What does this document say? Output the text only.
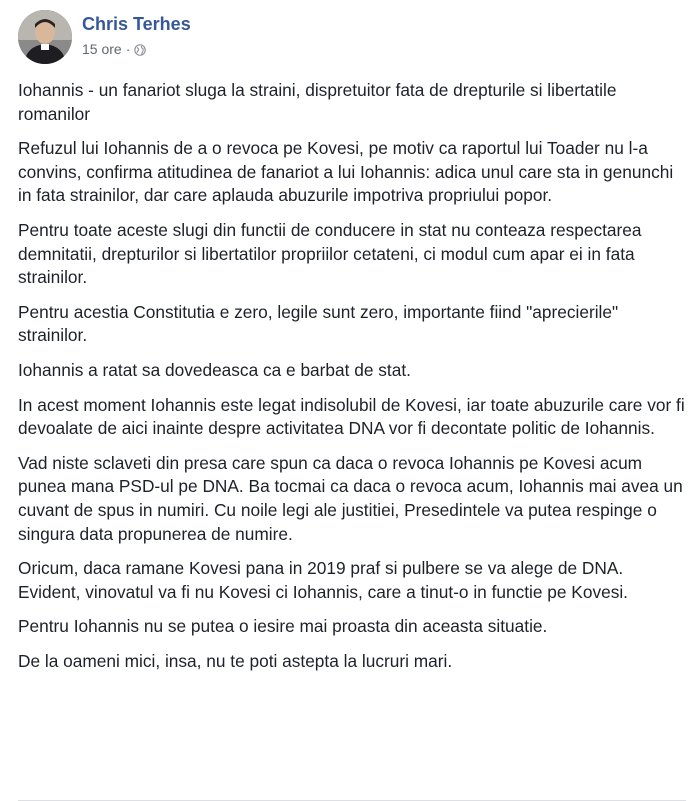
Chris Terhes
15 ore ·

Iohannis - un fanariot sluga la straini, dispretuitor fata de drepturile si libertatile romanilor

Refuzul lui Iohannis de a o revoca pe Kovesi, pe motiv ca raportul lui Toader nu l-a convins, confirma atitudinea de fanariot a lui Iohannis: adica unul care sta in genunchi in fata strainilor, dar care aplauda abuzurile impotriva propriului popor.

Pentru toate aceste slugi din functii de conducere in stat nu conteaza respectarea demnitatii, drepturilor si libertatilor propriilor cetateni, ci modul cum apar ei in fata strainilor.

Pentru acestia Constitutia e zero, legile sunt zero, importante fiind "aprecierile" strainilor.

Iohannis a ratat sa dovedeasca ca e barbat de stat.

In acest moment Iohannis este legat indisolubil de Kovesi, iar toate abuzurile care vor fi devoalate de aici inainte despre activitatea DNA vor fi decontate politic de Iohannis.

Vad niste sclaveti din presa care spun ca daca o revoca Iohannis pe Kovesi acum punea mana PSD-ul pe DNA. Ba tocmai ca daca o revoca acum, Iohannis mai avea un cuvant de spus in numiri. Cu noile legi ale justitiei, Presedintele va putea respinge o singura data propunerea de numire.

Oricum, daca ramane Kovesi pana in 2019 praf si pulbere se va alege de DNA. Evident, vinovatul va fi nu Kovesi ci Iohannis, care a tinut-o in functie pe Kovesi.

Pentru Iohannis nu se putea o iesire mai proasta din aceasta situatie.

De la oameni mici, insa, nu te poti astepta la lucruri mari.
